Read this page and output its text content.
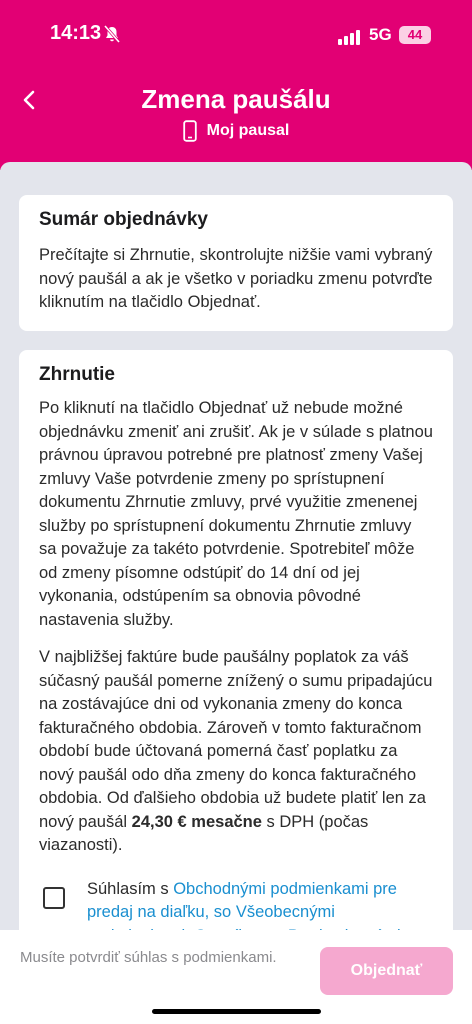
14:13	5G	44
Zmena paušálu
Moj pausal
Sumár objednávky

Prečítajte si Zhrnutie, skontrolujte nižšie vami vybraný nový paušál a ak je všetko v poriadku zmenu potvrďte kliknutím na tlačidlo Objednať.

Zhrnutie

Po kliknutí na tlačidlo Objednať už nebude možné objednávku zmeniť ani zrušiť. Ak je v súlade s platnou právnou úpravou potrebné pre platnosť zmeny Vašej zmluvy Vaše potvrdenie zmeny po sprístupnení dokumentu Zhrnutie zmluvy, prvé využitie zmenenej služby po sprístupnení dokumentu Zhrnutie zmluvy sa považuje za takéto potvrdenie. Spotrebiteľ môže od zmeny písomne odstúpiť do 14 dní od jej vykonania, odstúpením sa obnovia pôvodné nastavenia služby.

V najbližšej faktúre bude paušálny poplatok za váš súčasný paušál pomerne znížený o sumu pripadajúcu na zostávajúce dni od vykonania zmeny do konca fakturačného obdobia. Zároveň v tomto fakturačnom období bude účtovaná pomerná časť poplatku za nový paušál odo dňa zmeny do konca fakturačného obdobia. Od ďalšieho obdobia už budete platiť len za nový paušál 24,30 € mesačne s DPH (počas viazanosti).

Súhlasím s Obchodnými podmienkami pre predaj na diaľku, so Všeobecnými
Musíte potvrdiť súhlas s podmienkami.
Objednať
